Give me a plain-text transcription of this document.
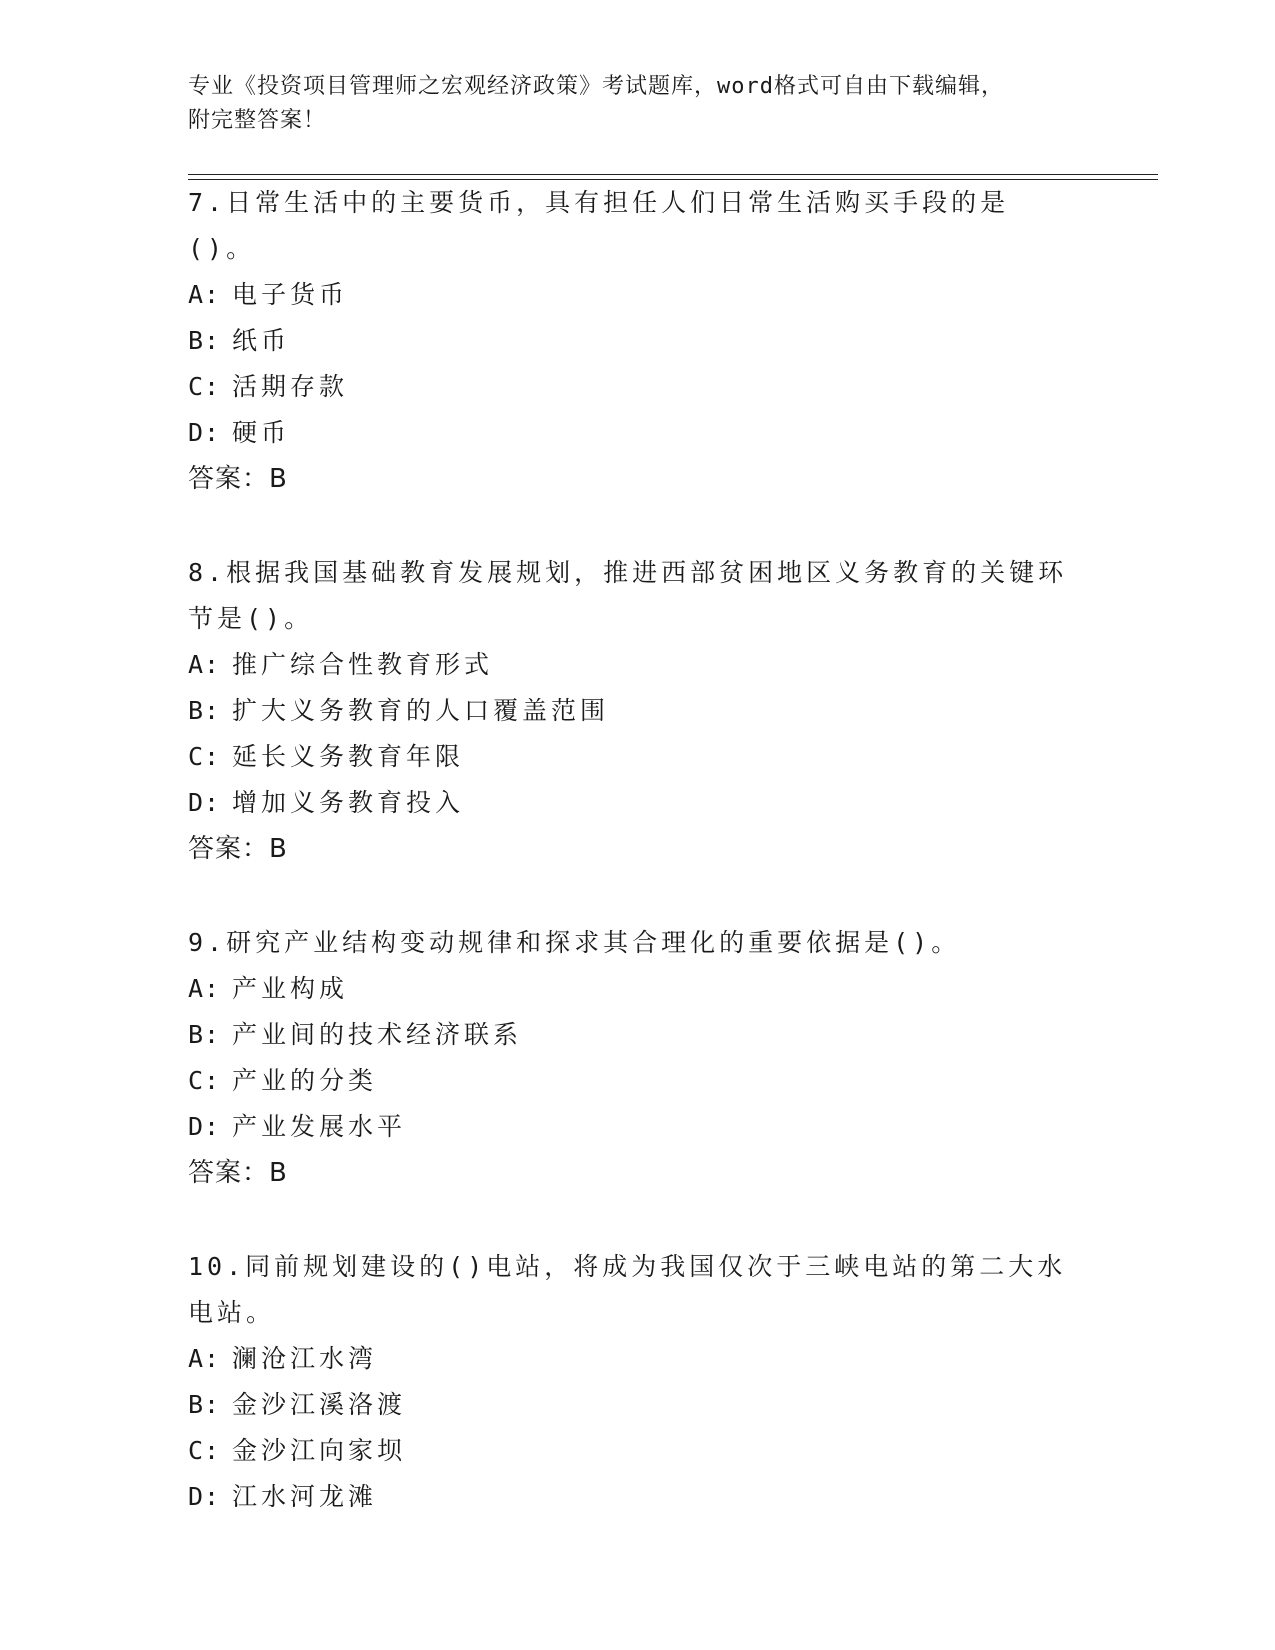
专业《投资项目管理师之宏观经济政策》考试题库，word格式可自由下载编辑，
附完整答案！
7.日常生活中的主要货币，具有担任人们日常生活购买手段的是()。
A: 电子货币
B: 纸币
C: 活期存款
D: 硬币
答案：B
8.根据我国基础教育发展规划，推进西部贫困地区义务教育的关键环节是()。
A: 推广综合性教育形式
B: 扩大义务教育的人口覆盖范围
C: 延长义务教育年限
D: 增加义务教育投入
答案：B
9.研究产业结构变动规律和探求其合理化的重要依据是()。
A: 产业构成
B: 产业间的技术经济联系
C: 产业的分类
D: 产业发展水平
答案：B
10.同前规划建设的()电站，将成为我国仅次于三峡电站的第二大水电站。
A: 澜沧江水湾
B: 金沙江溪洛渡
C: 金沙江向家坝
D: 江水河龙滩
